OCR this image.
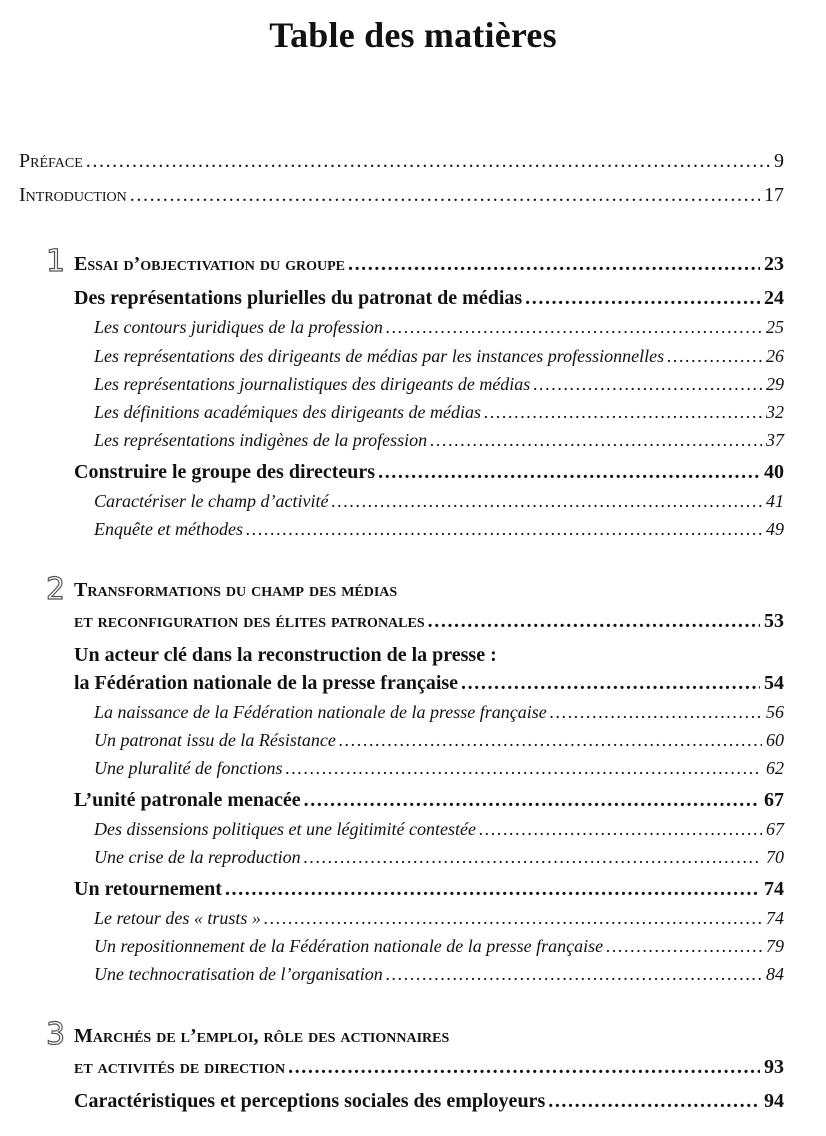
Table des matières
Préface .....	9
Introduction .....	17
1 Essai d’objectivation du groupe .....	23
Des représentations plurielles du patronat de médias .....	24
Les contours juridiques de la profession .....	25
Les représentations des dirigeants de médias par les instances professionnelles .....	26
Les représentations journalistiques des dirigeants de médias .....	29
Les définitions académiques des dirigeants de médias .....	32
Les représentations indigènes de la profession .....	37
Construire le groupe des directeurs .....	40
Caractériser le champ d’activité .....	41
Enquête et méthodes .....	49
2 Transformations du champ des médias
et reconfiguration des élites patronales .....	53
Un acteur clé dans la reconstruction de la presse :
la Fédération nationale de la presse française .....	54
La naissance de la Fédération nationale de la presse française .....	56
Un patronat issu de la Résistance .....	60
Une pluralité de fonctions .....	62
L’unité patronale menacée .....	67
Des dissensions politiques et une légitimité contestée .....	67
Une crise de la reproduction .....	70
Un retournement .....	74
Le retour des « trusts » .....	74
Un repositionnement de la Fédération nationale de la presse française .....	79
Une technocratisation de l’organisation .....	84
3 Marchés de l’emploi, rôle des actionnaires
et activités de direction .....	93
Caractéristiques et perceptions sociales des employeurs .....	94
